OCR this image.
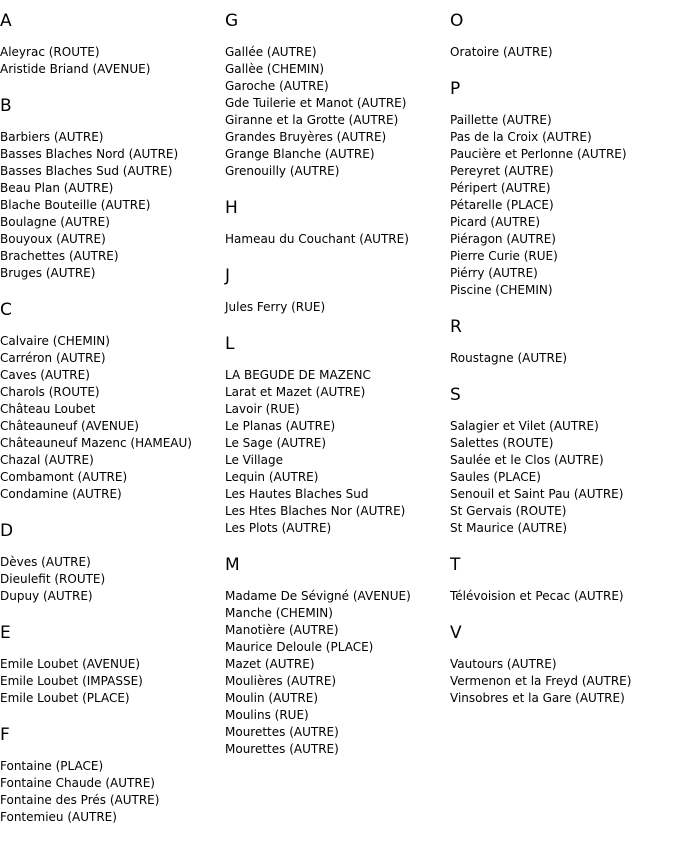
A
Aleyrac (ROUTE)
Aristide Briand (AVENUE)
B
Barbiers (AUTRE)
Basses Blaches Nord (AUTRE)
Basses Blaches Sud (AUTRE)
Beau Plan (AUTRE)
Blache Bouteille (AUTRE)
Boulagne (AUTRE)
Bouyoux (AUTRE)
Brachettes (AUTRE)
Bruges (AUTRE)
C
Calvaire (CHEMIN)
Carréron (AUTRE)
Caves (AUTRE)
Charols (ROUTE)
Château Loubet
Châteauneuf (AVENUE)
Châteauneuf Mazenc (HAMEAU)
Chazal (AUTRE)
Combamont (AUTRE)
Condamine (AUTRE)
D
Dèves (AUTRE)
Dieulefit (ROUTE)
Dupuy (AUTRE)
E
Emile Loubet (AVENUE)
Emile Loubet (IMPASSE)
Emile Loubet (PLACE)
F
Fontaine (PLACE)
Fontaine Chaude (AUTRE)
Fontaine des Prés (AUTRE)
Fontemieu (AUTRE)
G
Gallée (AUTRE)
Gallèe (CHEMIN)
Garoche (AUTRE)
Gde Tuilerie et Manot (AUTRE)
Giranne et la Grotte (AUTRE)
Grandes Bruyères (AUTRE)
Grange Blanche (AUTRE)
Grenouilly (AUTRE)
H
Hameau du Couchant (AUTRE)
J
Jules Ferry (RUE)
L
LA BEGUDE DE MAZENC
Larat et Mazet (AUTRE)
Lavoir (RUE)
Le Planas (AUTRE)
Le Sage (AUTRE)
Le Village
Lequin (AUTRE)
Les Hautes Blaches Sud
Les Htes Blaches Nor (AUTRE)
Les Plots (AUTRE)
M
Madame De Sévigné (AVENUE)
Manche (CHEMIN)
Manotière (AUTRE)
Maurice Deloule (PLACE)
Mazet (AUTRE)
Moulières (AUTRE)
Moulin (AUTRE)
Moulins (RUE)
Mourettes (AUTRE)
Mourettes (AUTRE)
O
Oratoire (AUTRE)
P
Paillette (AUTRE)
Pas de la Croix (AUTRE)
Paucière et Perlonne (AUTRE)
Pereyret (AUTRE)
Péripert (AUTRE)
Pétarelle (PLACE)
Picard (AUTRE)
Piéragon (AUTRE)
Pierre Curie (RUE)
Piérry (AUTRE)
Piscine (CHEMIN)
R
Roustagne (AUTRE)
S
Salagier et Vilet (AUTRE)
Salettes (ROUTE)
Saulée et le Clos (AUTRE)
Saules (PLACE)
Senouil et Saint Pau (AUTRE)
St Gervais (ROUTE)
St Maurice (AUTRE)
T
Télévoision et Pecac (AUTRE)
V
Vautours (AUTRE)
Vermenon et la Freyd (AUTRE)
Vinsobres et la Gare (AUTRE)
